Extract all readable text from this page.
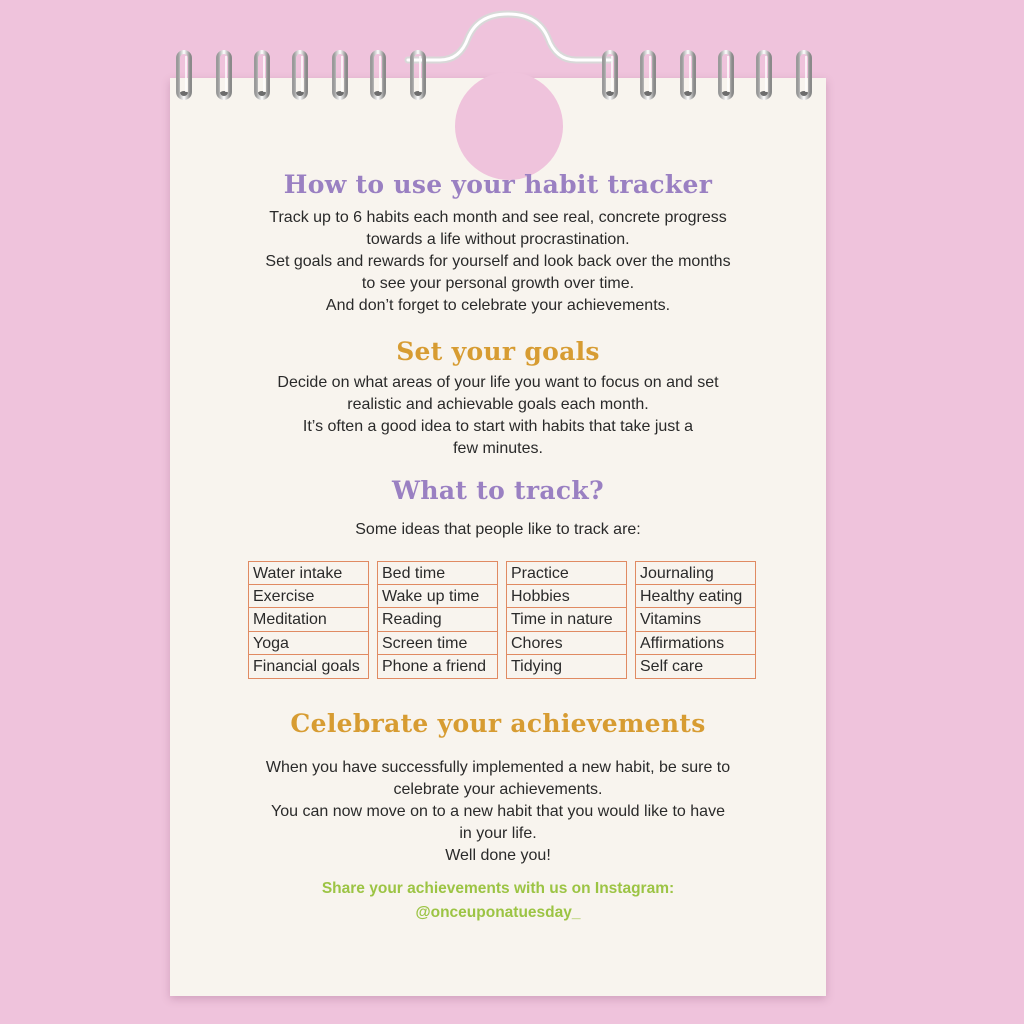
How to use your habit tracker
Track up to 6 habits each month and see real, concrete progress
towards a life without procrastination.
Set goals and rewards for yourself and look back over the months
to see your personal growth over time.
And don’t forget to celebrate your achievements.
Set your goals
Decide on what areas of your life you want to focus on and set
realistic and achievable goals each month.
It’s often a good idea to start with habits that take just a
few minutes.
What to track?
Some ideas that people like to track are:
Water intake
Exercise
Meditation
Yoga
Financial goals
Bed time
Wake up time
Reading
Screen time
Phone a friend
Practice
Hobbies
Time in nature
Chores
Tidying
Journaling
Healthy eating
Vitamins
Affirmations
Self care
Celebrate your achievements
When you have successfully implemented a new habit, be sure to
celebrate your achievements.
You can now move on to a new habit that you would like to have
in your life.
Well done you!
Share your achievements with us on Instagram:
@onceuponatuesday_
